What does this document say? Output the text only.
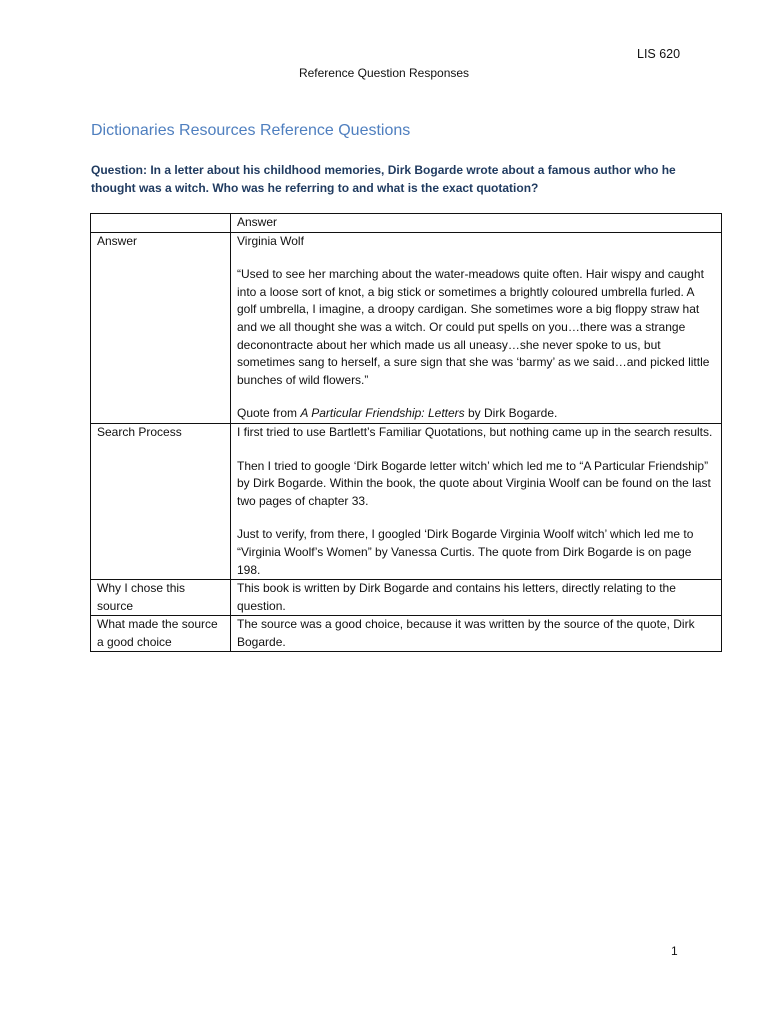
LIS 620
Reference Question Responses
Dictionaries Resources Reference Questions
Question: In a letter about his childhood memories, Dirk Bogarde wrote about a famous author who he thought was a witch. Who was he referring to and what is the exact quotation?
	Answer
Answer	Virginia Wolf

“Used to see her marching about the water-meadows quite often. Hair wispy and caught into a loose sort of knot, a big stick or sometimes a brightly coloured umbrella furled. A golf umbrella, I imagine, a droopy cardigan. She sometimes wore a big floppy straw hat and we all thought she was a witch. Or could put spells on you…there was a strange deconontracte about her which made us all uneasy…she never spoke to us, but sometimes sang to herself, a sure sign that she was ‘barmy’ as we said…and picked little bunches of wild flowers.”

Quote from A Particular Friendship: Letters by Dirk Bogarde.

Search Process	I first tried to use Bartlett’s Familiar Quotations, but nothing came up in the search results.

Then I tried to google ‘Dirk Bogarde letter witch’ which led me to “A Particular Friendship” by Dirk Bogarde. Within the book, the quote about Virginia Woolf can be found on the last two pages of chapter 33.

Just to verify, from there, I googled ‘Dirk Bogarde Virginia Woolf witch’ which led me to “Virginia Woolf’s Women” by Vanessa Curtis. The quote from Dirk Bogarde is on page 198.

Why I chose this source	This book is written by Dirk Bogarde and contains his letters, directly relating to the question.
What made the source a good choice	The source was a good choice, because it was written by the source of the quote, Dirk Bogarde.
1
